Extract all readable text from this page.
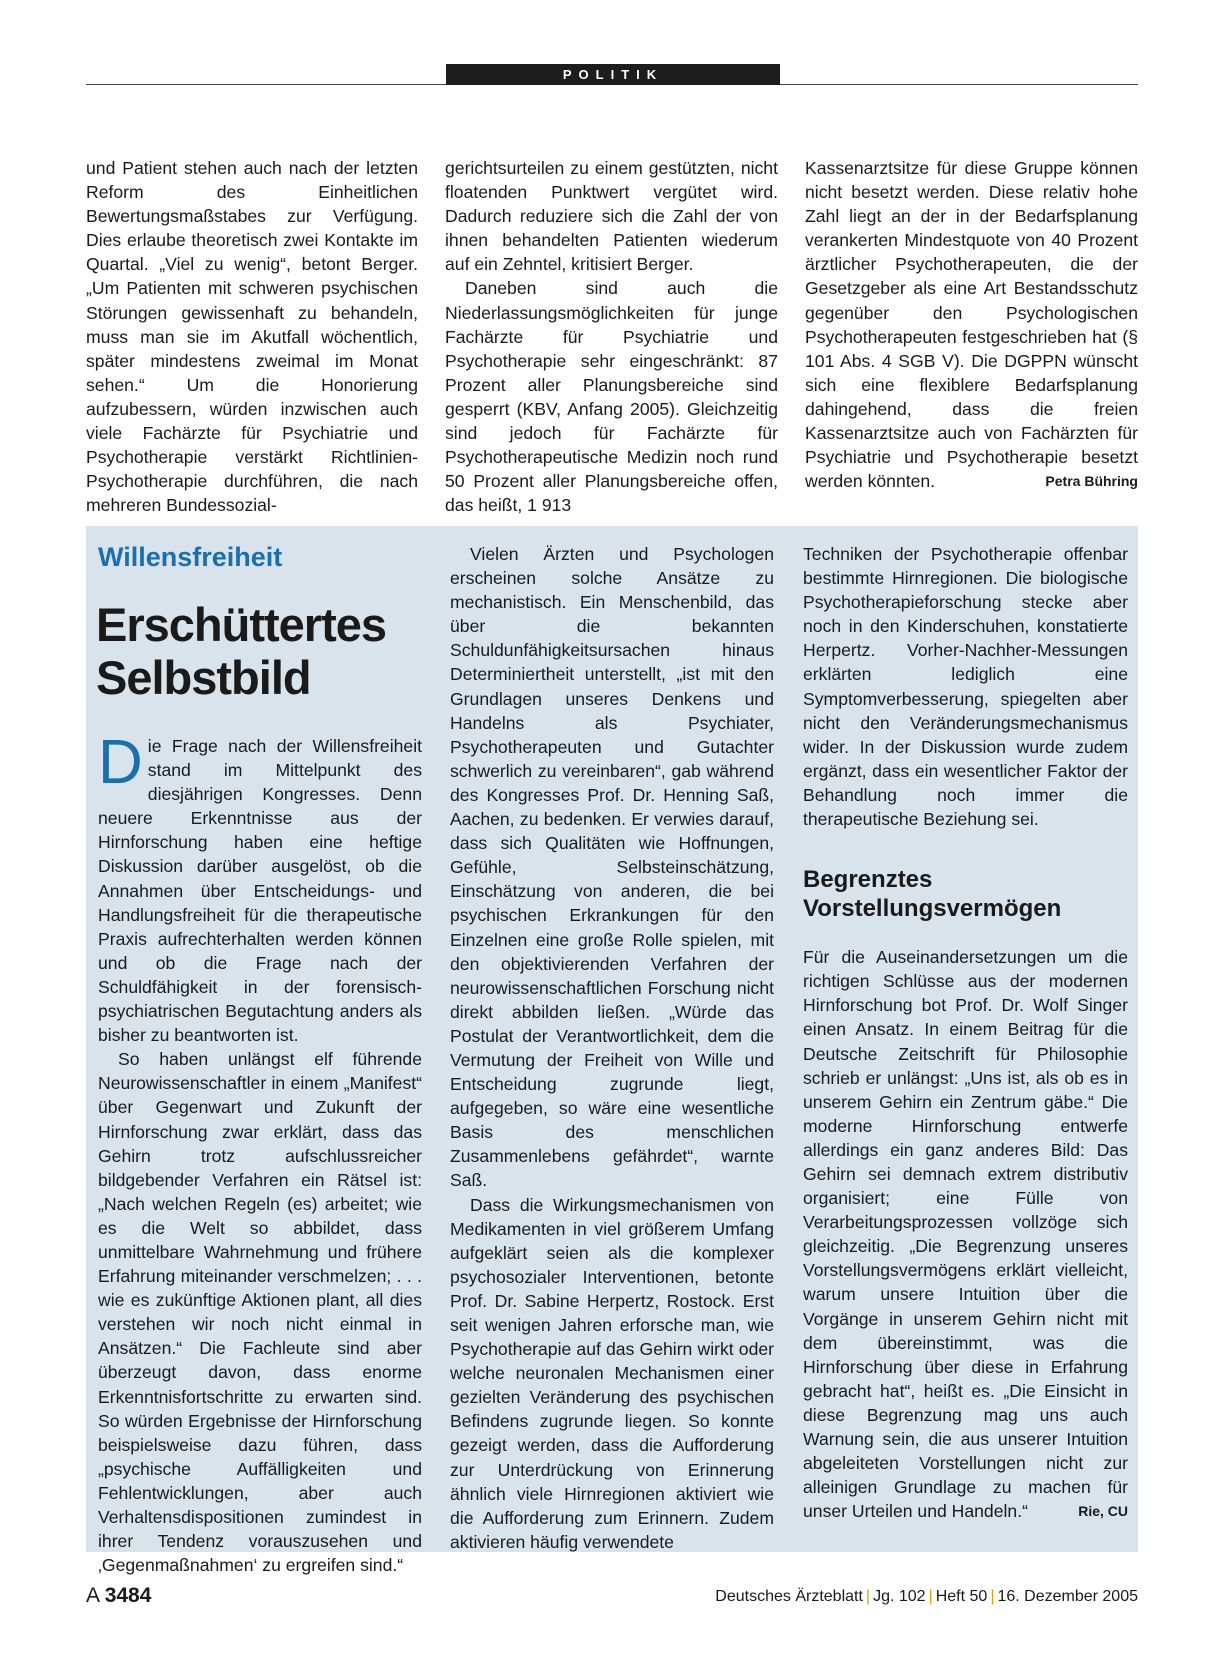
POLITIK

und Patient stehen auch nach der letzten Reform des Einheitlichen Bewertungsmaßstabes zur Verfügung. Dies erlaube theoretisch zwei Kontakte im Quartal. „Viel zu wenig“, betont Berger. „Um Patienten mit schweren psychischen Störungen gewissenhaft zu behandeln, muss man sie im Akutfall wöchentlich, später mindestens zweimal im Monat sehen.“ Um die Honorierung aufzubessern, würden inzwischen auch viele Fachärzte für Psychiatrie und Psychotherapie verstärkt Richtlinien-Psychotherapie durchführen, die nach mehreren Bundessozial-

gerichtsurteilen zu einem gestützten, nicht floatenden Punktwert vergütet wird. Dadurch reduziere sich die Zahl der von ihnen behandelten Patienten wiederum auf ein Zehntel, kritisiert Berger.

Daneben sind auch die Niederlassungsmöglichkeiten für junge Fachärzte für Psychiatrie und Psychotherapie sehr eingeschränkt: 87 Prozent aller Planungsbereiche sind gesperrt (KBV, Anfang 2005). Gleichzeitig sind jedoch für Fachärzte für Psychotherapeutische Medizin noch rund 50 Prozent aller Planungsbereiche offen, das heißt, 1 913

Kassenarztsitze für diese Gruppe können nicht besetzt werden. Diese relativ hohe Zahl liegt an der in der Bedarfsplanung verankerten Mindestquote von 40 Prozent ärztlicher Psychotherapeuten, die der Gesetzgeber als eine Art Bestandsschutz gegenüber den Psychologischen Psychotherapeuten festgeschrieben hat (§ 101 Abs. 4 SGB V). Die DGPPN wünscht sich eine flexiblere Bedarfsplanung dahingehend, dass die freien Kassenarztsitze auch von Fachärzten für Psychiatrie und Psychotherapie besetzt werden könnten.	Petra Bühring

Willensfreiheit
Erschüttertes
Selbstbild

Die Frage nach der Willensfreiheit stand im Mittelpunkt des diesjährigen Kongresses. Denn neuere Erkenntnisse aus der Hirnforschung haben eine heftige Diskussion darüber ausgelöst, ob die Annahmen über Entscheidungs- und Handlungsfreiheit für die therapeutische Praxis aufrechterhalten werden können und ob die Frage nach der Schuldfähigkeit in der forensisch-psychiatrischen Begutachtung anders als bisher zu beantworten ist.

So haben unlängst elf führende Neurowissenschaftler in einem „Manifest“ über Gegenwart und Zukunft der Hirnforschung zwar erklärt, dass das Gehirn trotz aufschlussreicher bildgebender Verfahren ein Rätsel ist: „Nach welchen Regeln (es) arbeitet; wie es die Welt so abbildet, dass unmittelbare Wahrnehmung und frühere Erfahrung miteinander verschmelzen; . . . wie es zukünftige Aktionen plant, all dies verstehen wir noch nicht einmal in Ansätzen.“ Die Fachleute sind aber überzeugt davon, dass enorme Erkenntnisfortschritte zu erwarten sind. So würden Ergebnisse der Hirnforschung beispielsweise dazu führen, dass „psychische Auffälligkeiten und Fehlentwicklungen, aber auch Verhaltensdispositionen zumindest in ihrer Tendenz vorauszusehen und ‚Gegenmaßnahmen‘ zu ergreifen sind.“

Vielen Ärzten und Psychologen erscheinen solche Ansätze zu mechanistisch. Ein Menschenbild, das über die bekannten Schuldunfähigkeitsursachen hinaus Determiniertheit unterstellt, „ist mit den Grundlagen unseres Denkens und Handelns als Psychiater, Psychotherapeuten und Gutachter schwerlich zu vereinbaren“, gab während des Kongresses Prof. Dr. Henning Saß, Aachen, zu bedenken. Er verwies darauf, dass sich Qualitäten wie Hoffnungen, Gefühle, Selbsteinschätzung, Einschätzung von anderen, die bei psychischen Erkrankungen für den Einzelnen eine große Rolle spielen, mit den objektivierenden Verfahren der neurowissenschaftlichen Forschung nicht direkt abbilden ließen. „Würde das Postulat der Verantwortlichkeit, dem die Vermutung der Freiheit von Wille und Entscheidung zugrunde liegt, aufgegeben, so wäre eine wesentliche Basis des menschlichen Zusammenlebens gefährdet“, warnte Saß.

Dass die Wirkungsmechanismen von Medikamenten in viel größerem Umfang aufgeklärt seien als die komplexer psychosozialer Interventionen, betonte Prof. Dr. Sabine Herpertz, Rostock. Erst seit wenigen Jahren erforsche man, wie Psychotherapie auf das Gehirn wirkt oder welche neuronalen Mechanismen einer gezielten Veränderung des psychischen Befindens zugrunde liegen. So konnte gezeigt werden, dass die Aufforderung zur Unterdrückung von Erinnerung ähnlich viele Hirnregionen aktiviert wie die Aufforderung zum Erinnern. Zudem aktivieren häufig verwendete

Techniken der Psychotherapie offenbar bestimmte Hirnregionen. Die biologische Psychotherapieforschung stecke aber noch in den Kinderschuhen, konstatierte Herpertz. Vorher-Nachher-Messungen erklärten lediglich eine Symptomverbesserung, spiegelten aber nicht den Veränderungsmechanismus wider. In der Diskussion wurde zudem ergänzt, dass ein wesentlicher Faktor der Behandlung noch immer die therapeutische Beziehung sei.

Begrenztes
Vorstellungsvermögen

Für die Auseinandersetzungen um die richtigen Schlüsse aus der modernen Hirnforschung bot Prof. Dr. Wolf Singer einen Ansatz. In einem Beitrag für die Deutsche Zeitschrift für Philosophie schrieb er unlängst: „Uns ist, als ob es in unserem Gehirn ein Zentrum gäbe.“ Die moderne Hirnforschung entwerfe allerdings ein ganz anderes Bild: Das Gehirn sei demnach extrem distributiv organisiert; eine Fülle von Verarbeitungsprozessen vollzöge sich gleichzeitig. „Die Begrenzung unseres Vorstellungsvermögens erklärt vielleicht, warum unsere Intuition über die Vorgänge in unserem Gehirn nicht mit dem übereinstimmt, was die Hirnforschung über diese in Erfahrung gebracht hat“, heißt es. „Die Einsicht in diese Begrenzung mag uns auch Warnung sein, die aus unserer Intuition abgeleiteten Vorstellungen nicht zur alleinigen Grundlage zu machen für unser Urteilen und Handeln.“	Rie, CU

A 3484	Deutsches Ärzteblatt | Jg. 102 | Heft 50 | 16. Dezember 2005
